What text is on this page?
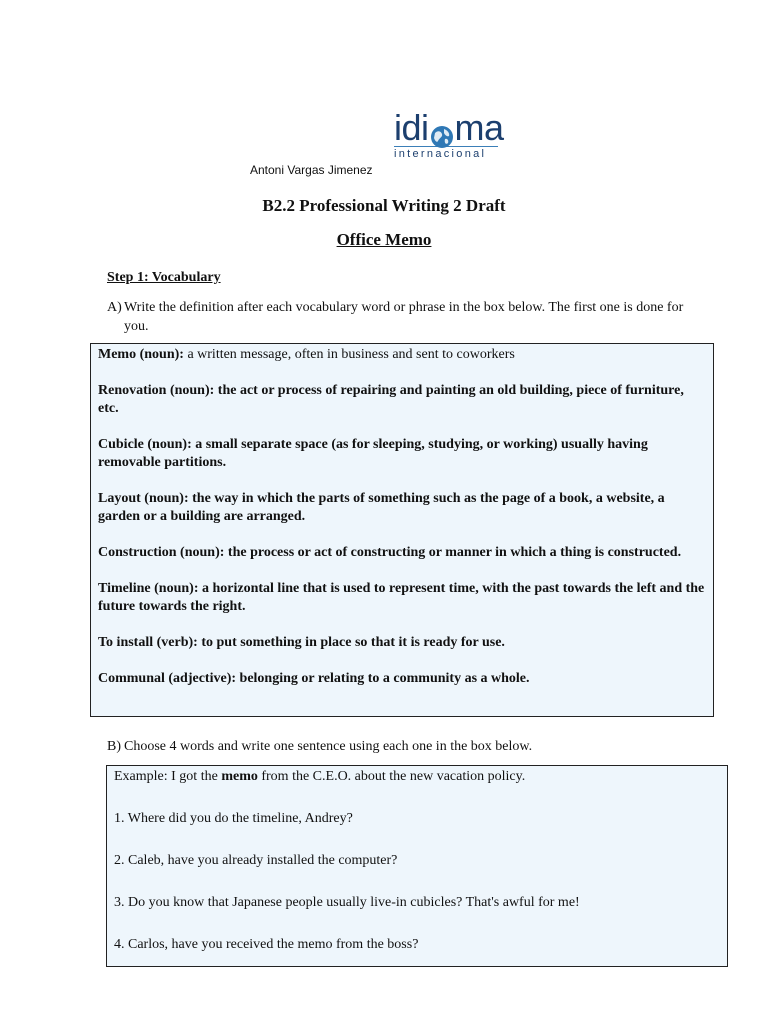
idi ma
internacional
Antoni Vargas Jimenez
B2.2 Professional Writing 2 Draft
Office Memo
Step 1: Vocabulary
A) Write the definition after each vocabulary word or phrase in the box below. The first one is done for you.
Memo (noun): a written message, often in business and sent to coworkers
Renovation (noun): the act or process of repairing and painting an old building, piece of furniture, etc.
Cubicle (noun): a small separate space (as for sleeping, studying, or working) usually having removable partitions.
Layout (noun): the way in which the parts of something such as the page of a book, a website, a garden or a building are arranged.
Construction (noun): the process or act of constructing or manner in which a thing is constructed.
Timeline (noun): a horizontal line that is used to represent time, with the past towards the left and the future towards the right.
To install (verb): to put something in place so that it is ready for use.
Communal (adjective): belonging or relating to a community as a whole.
B) Choose 4 words and write one sentence using each one in the box below.
Example: I got the memo from the C.E.O. about the new vacation policy.
1. Where did you do the timeline, Andrey?
2. Caleb, have you already installed the computer?
3. Do you know that Japanese people usually live-in cubicles? That's awful for me!
4. Carlos, have you received the memo from the boss?
